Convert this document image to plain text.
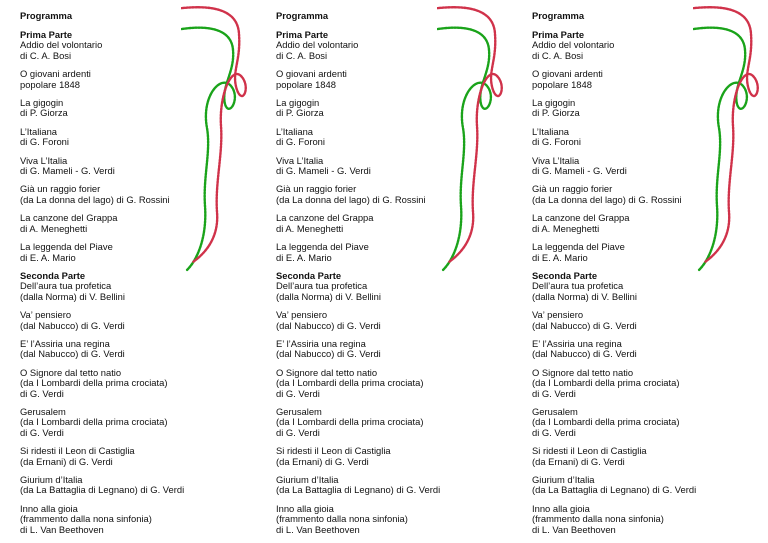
Programma
Prima Parte
Addio del volontario
di C. A. Bosi
O giovani ardenti
popolare 1848
La gigogin
di P. Giorza
L’Italiana
di G. Foroni
Viva L’Italia
di G. Mameli - G. Verdi
Già un raggio forier
(da La donna del lago) di G. Rossini
La canzone del Grappa
di A. Meneghetti
La leggenda del Piave
di E. A. Mario
Seconda Parte
Dell’aura tua profetica
(dalla Norma) di V. Bellini
Va’ pensiero
(dal Nabucco) di G. Verdi
E’ l’Assiria una regina
(dal Nabucco) di G. Verdi
O Signore dal tetto natio
(da I Lombardi della prima crociata)
di G. Verdi
Gerusalem
(da I Lombardi della prima crociata)
di G. Verdi
Si ridesti il Leon di Castiglia
(da Ernani) di G. Verdi
Giurium d’Italia
(da La Battaglia di Legnano) di G. Verdi
Inno alla gioia
(frammento dalla nona sinfonia)
di L. Van Beethoven
Programma
Prima Parte
Addio del volontario
di C. A. Bosi
O giovani ardenti
popolare 1848
La gigogin
di P. Giorza
L’Italiana
di G. Foroni
Viva L’Italia
di G. Mameli - G. Verdi
Già un raggio forier
(da La donna del lago) di G. Rossini
La canzone del Grappa
di A. Meneghetti
La leggenda del Piave
di E. A. Mario
Seconda Parte
Dell’aura tua profetica
(dalla Norma) di V. Bellini
Va’ pensiero
(dal Nabucco) di G. Verdi
E’ l’Assiria una regina
(dal Nabucco) di G. Verdi
O Signore dal tetto natio
(da I Lombardi della prima crociata)
di G. Verdi
Gerusalem
(da I Lombardi della prima crociata)
di G. Verdi
Si ridesti il Leon di Castiglia
(da Ernani) di G. Verdi
Giurium d’Italia
(da La Battaglia di Legnano) di G. Verdi
Inno alla gioia
(frammento dalla nona sinfonia)
di L. Van Beethoven
Programma
Prima Parte
Addio del volontario
di C. A. Bosi
O giovani ardenti
popolare 1848
La gigogin
di P. Giorza
L’Italiana
di G. Foroni
Viva L’Italia
di G. Mameli - G. Verdi
Già un raggio forier
(da La donna del lago) di G. Rossini
La canzone del Grappa
di A. Meneghetti
La leggenda del Piave
di E. A. Mario
Seconda Parte
Dell’aura tua profetica
(dalla Norma) di V. Bellini
Va’ pensiero
(dal Nabucco) di G. Verdi
E’ l’Assiria una regina
(dal Nabucco) di G. Verdi
O Signore dal tetto natio
(da I Lombardi della prima crociata)
di G. Verdi
Gerusalem
(da I Lombardi della prima crociata)
di G. Verdi
Si ridesti il Leon di Castiglia
(da Ernani) di G. Verdi
Giurium d’Italia
(da La Battaglia di Legnano) di G. Verdi
Inno alla gioia
(frammento dalla nona sinfonia)
di L. Van Beethoven
